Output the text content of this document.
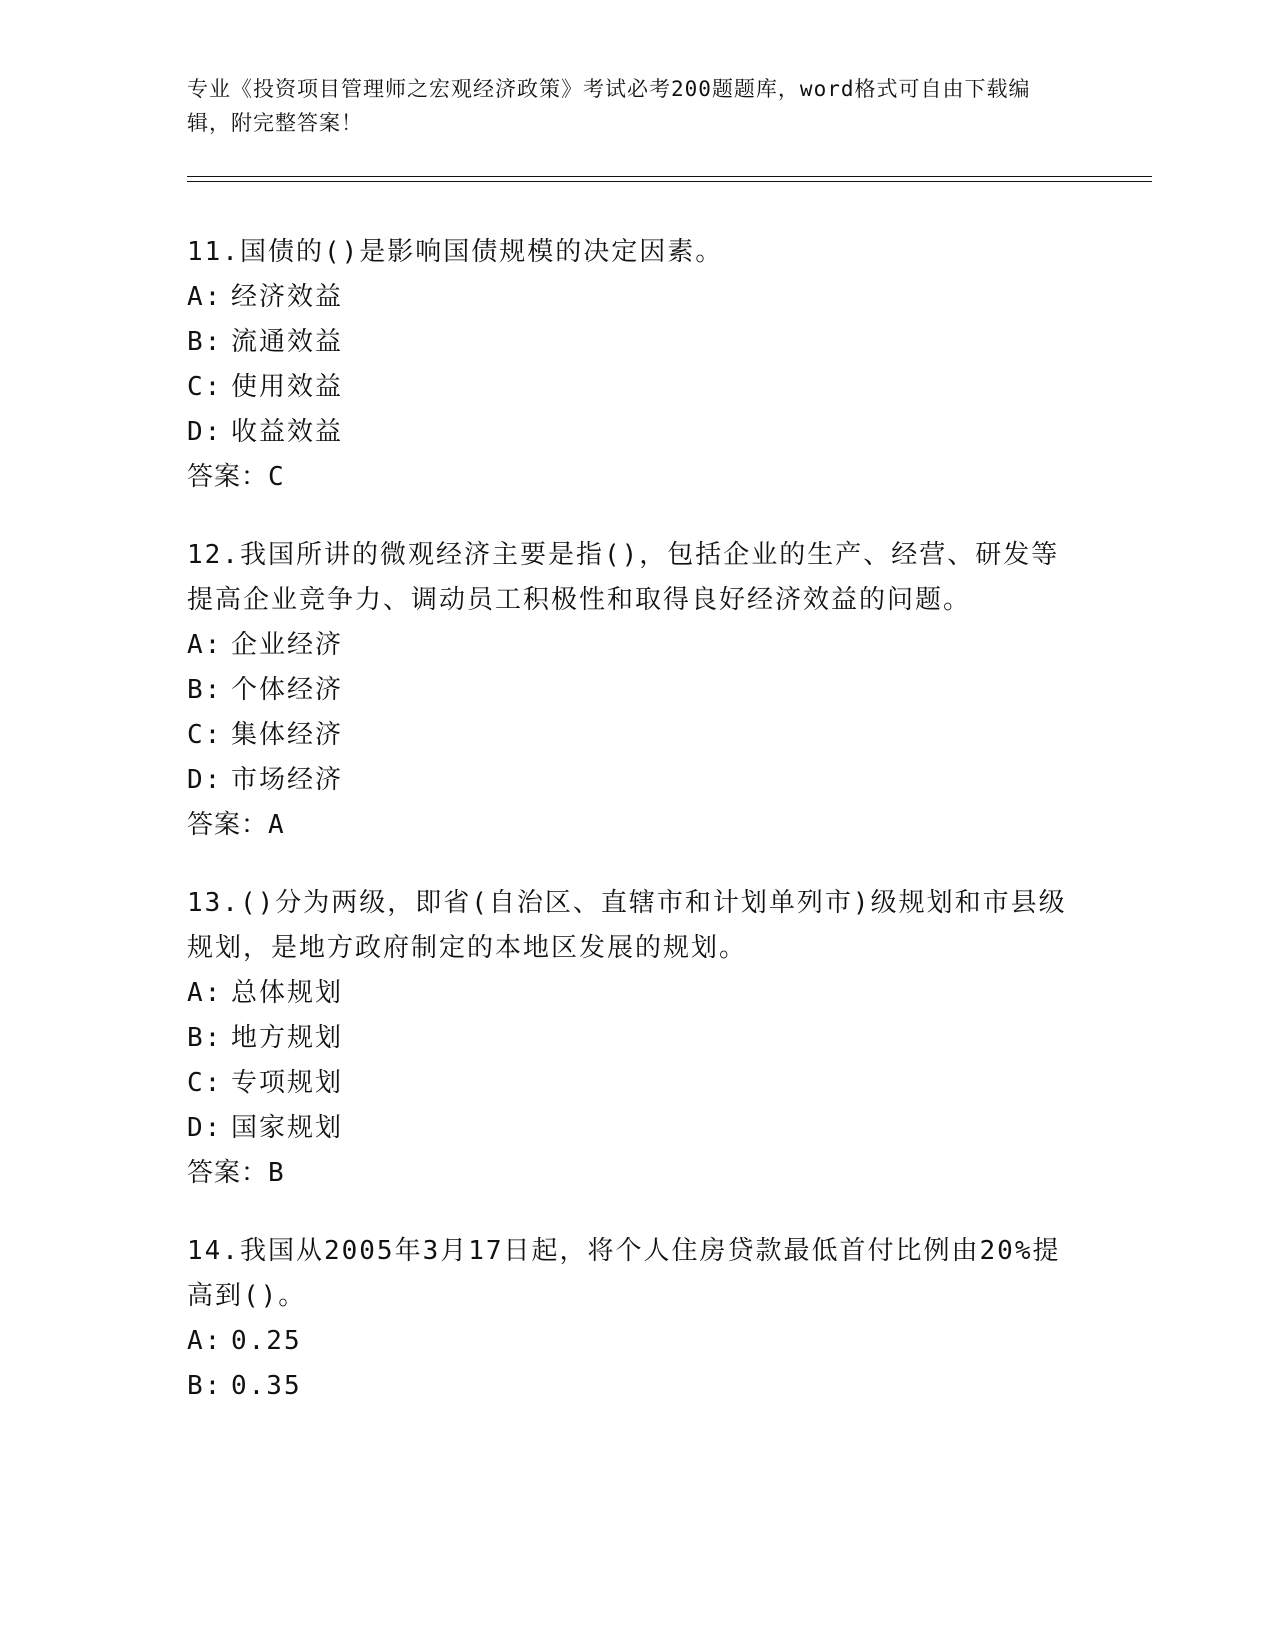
专业《投资项目管理师之宏观经济政策》考试必考200题题库，word格式可自由下载编辑，附完整答案！
11.国债的()是影响国债规模的决定因素。
A: 经济效益
B: 流通效益
C: 使用效益
D: 收益效益
答案：C
12.我国所讲的微观经济主要是指()，包括企业的生产、经营、研发等提高企业竞争力、调动员工积极性和取得良好经济效益的问题。
A: 企业经济
B: 个体经济
C: 集体经济
D: 市场经济
答案：A
13.()分为两级，即省(自治区、直辖市和计划单列市)级规划和市县级规划，是地方政府制定的本地区发展的规划。
A: 总体规划
B: 地方规划
C: 专项规划
D: 国家规划
答案：B
14.我国从2005年3月17日起，将个人住房贷款最低首付比例由20%提高到()。
A: 0.25
B: 0.35
